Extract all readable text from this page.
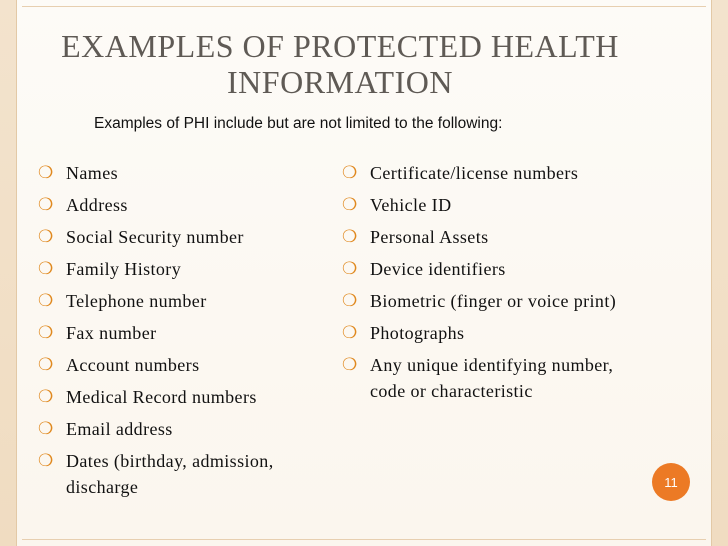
EXAMPLES OF PROTECTED HEALTH
INFORMATION
Examples of PHI include but are not limited to the following:
❍ Names
❍ Address
❍ Social Security number
❍ Family History
❍ Telephone number
❍ Fax number
❍ Account numbers
❍ Medical Record numbers
❍ Email address
❍ Dates (birthday, admission, discharge
❍ Certificate/license numbers
❍ Vehicle ID
❍ Personal Assets
❍ Device identifiers
❍ Biometric (finger or voice print)
❍ Photographs
❍ Any unique identifying number, code or characteristic
11
